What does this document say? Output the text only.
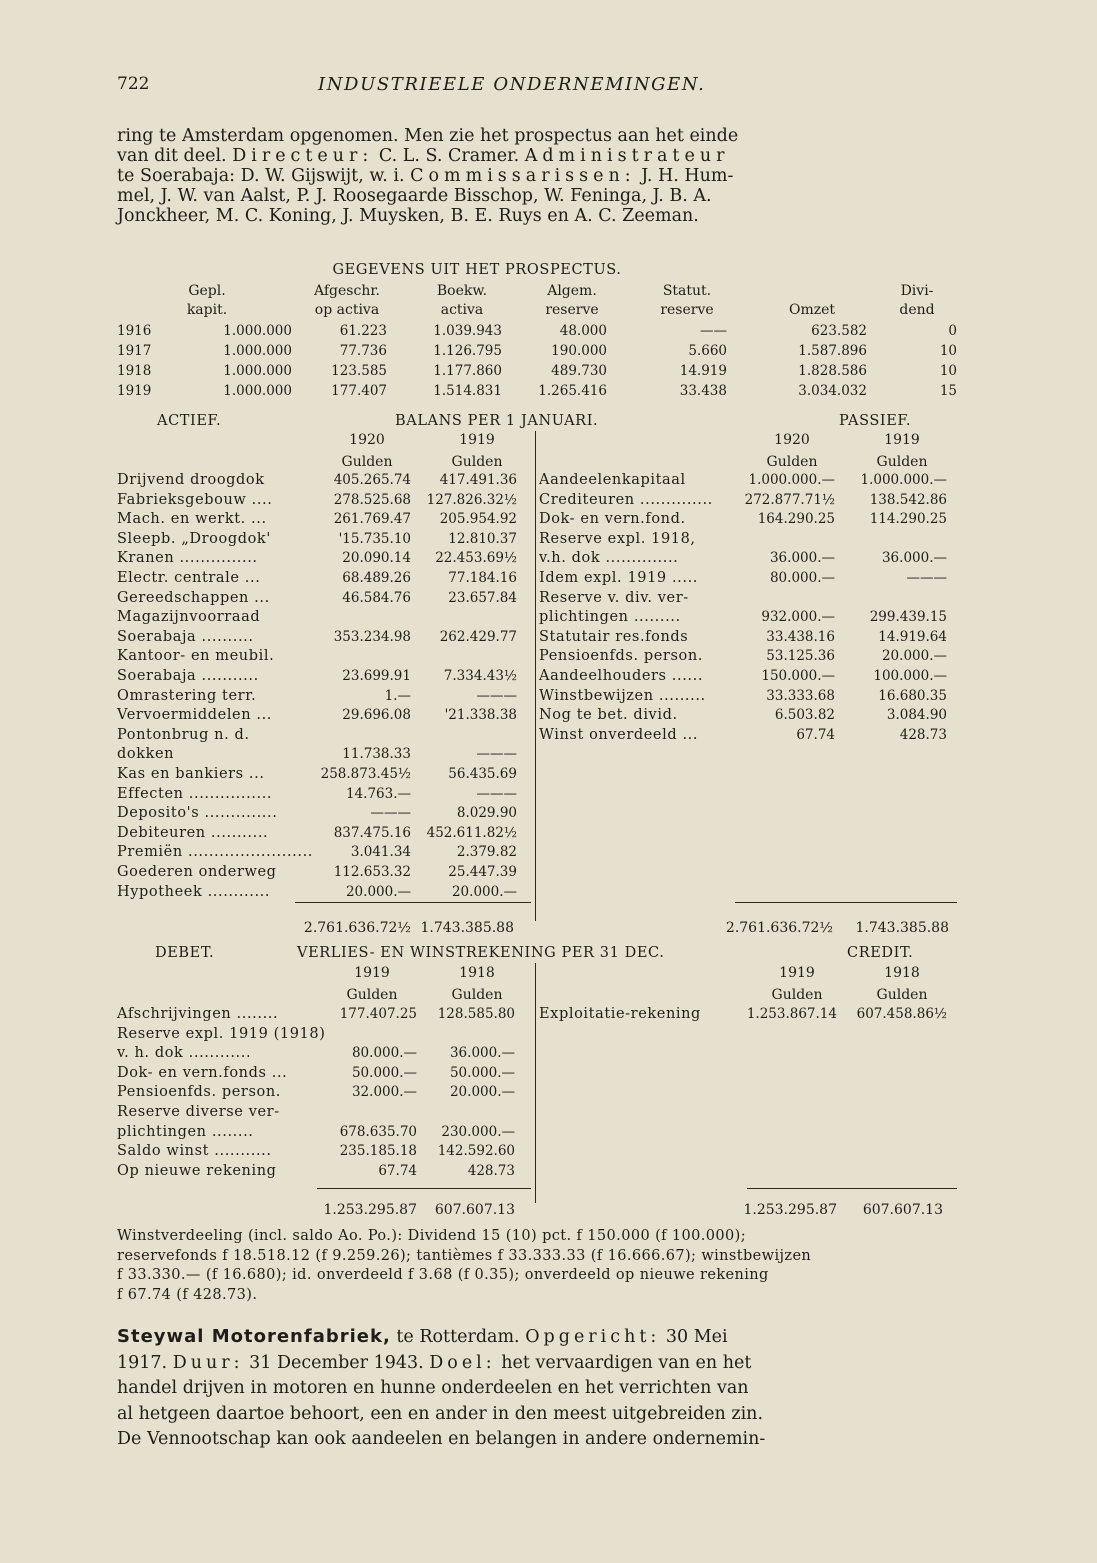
722	INDUSTRIEELE ONDERNEMINGEN.

ring te Amsterdam opgenomen. Men zie het prospectus aan het einde

van dit deel. Directeur: C. L. S. Cramer. Administrateur

te Soerabaja: D. W. Gijswijt, w. i. Commissarissen: J. H. Hum-

mel, J. W. van Aalst, P. J. Roosegaarde Bisschop, W. Feninga, J. B. A.

Jonckheer, M. C. Koning, J. Muysken, B. E. Ruys en A. C. Zeeman.

GEGEVENS UIT HET PROSPECTUS.
Gepl.
kapit.
Afgeschr.
op activa
Boekw.
activa
Algem.
reserve
Statut.
reserve	Omzet
Divi-
dend
1916	1.000.000	61.223	1.039.943	48.000	——	623.582	0
1917	1.000.000	77.736	1.126.795	190.000	5.660	1.587.896	10
1918	1.000.000	123.585	1.177.860	489.730	14.919	1.828.586	10
1919	1.000.000	177.407	1.514.831	1.265.416	33.438	3.034.032	15
ACTIEF.	BALANS PER 1 JANUARI.	PASSIEF.
1920	1919
Gulden	Gulden
1920	1919
Gulden	Gulden
Drijvend droogdok	405.265.74	417.491.36
Fabrieksgebouw ....	278.525.68	127.826.32½
Mach. en werkt. ...	261.769.47	205.954.92
Sleepb. „Droogdok'	'15.735.10	12.810.37
Kranen ...............	20.090.14	22.453.69½
Electr. centrale ...	68.489.26	77.184.16
Gereedschappen ...	46.584.76	23.657.84
Magazijnvoorraad
Soerabaja ..........	353.234.98	262.429.77
Kantoor- en meubil.
Soerabaja ...........	23.699.91	7.334.43½
Omrastering terr.	1.—	———
Vervoermiddelen ...	29.696.08	'21.338.38
Pontonbrug n. d.
dokken	11.738.33	———
Kas en bankiers ...	258.873.45½	56.435.69
Effecten ................	14.763.—	———
Deposito's ..............	———	8.029.90
Debiteuren ...........	837.475.16	452.611.82½
Premiën ........................	3.041.34	2.379.82
Goederen onderweg	112.653.32	25.447.39
Hypotheek ............	20.000.—	20.000.—
Aandeelenkapitaal	1.000.000.—	1.000.000.—
Crediteuren ..............	272.877.71½	138.542.86
Dok- en vern.fond.	164.290.25	114.290.25
Reserve expl. 1918,
v.h. dok ..............	36.000.—	36.000.—
Idem expl. 1919 .....	80.000.—	———
Reserve v. div. ver-
plichtingen .........	932.000.—	299.439.15
Statutair res.fonds	33.438.16	14.919.64
Pensioenfds. person.	53.125.36	20.000.—
Aandeelhouders ......	150.000.—	100.000.—
Winstbewijzen .........	33.333.68	16.680.35
Nog te bet. divid.	6.503.82	3.084.90
Winst onverdeeld ...	67.74	428.73
2.761.636.72½ 1.743.385.88	2.761.636.72½	1.743.385.88
DEBET.	VERLIES- EN WINSTREKENING PER 31 DEC.	CREDIT.
1919	1918
Gulden	Gulden
1919	1918
Gulden	Gulden
Afschrijvingen ........	177.407.25	128.585.80
Reserve expl. 1919 (1918)
v. h. dok ............	80.000.—	36.000.—
Dok- en vern.fonds ...	50.000.—	50.000.—
Pensioenfds. person.	32.000.—	20.000.—
Reserve diverse ver-
plichtingen ........	678.635.70	230.000.—
Saldo winst ...........	235.185.18	142.592.60
Op nieuwe rekening	67.74	428.73
Exploitatie-rekening	1.253.867.14	607.458.86½
1.253.295.87	607.607.13	1.253.295.87	607.607.13
Winstverdeeling (incl. saldo Ao. Po.): Dividend 15 (10) pct. f 150.000 (f 100.000);
reservefonds f 18.518.12 (f 9.259.26); tantièmes f 33.333.33 (f 16.666.67); winstbewijzen
f 33.330.— (f 16.680); id. onverdeeld f 3.68 (f 0.35); onverdeeld op nieuwe rekening
f 67.74 (f 428.73).
Steywal Motorenfabriek, te Rotterdam. Opgericht: 30 Mei
1917. Duur: 31 December 1943. Doel: het vervaardigen van en het
handel drijven in motoren en hunne onderdeelen en het verrichten van
al hetgeen daartoe behoort, een en ander in den meest uitgebreiden zin.
De Vennootschap kan ook aandeelen en belangen in andere ondernemin-
